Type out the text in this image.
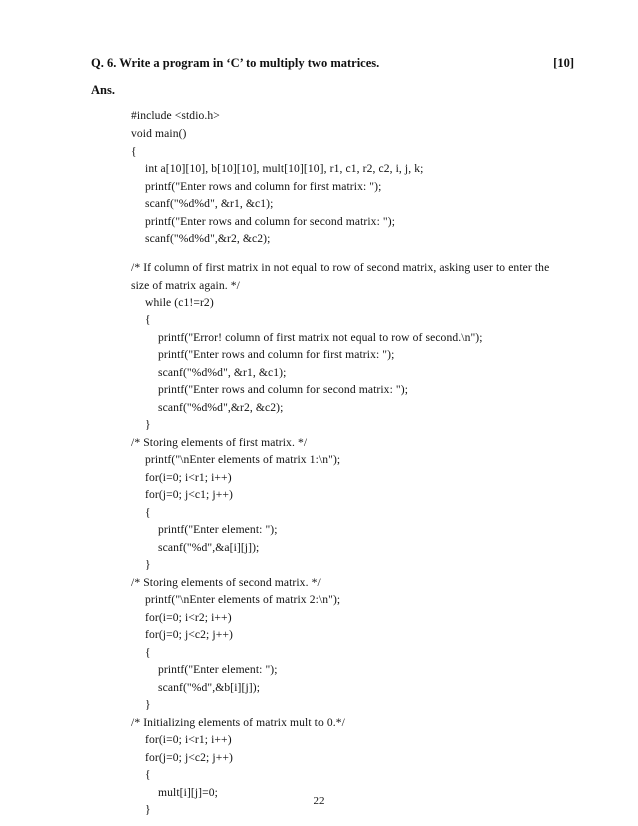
Q. 6. Write a program in ‘C’ to multiply two matrices.	[10]
Ans.
#include <stdio.h>
void main()
{
int a[10][10], b[10][10], mult[10][10], r1, c1, r2, c2, i, j, k;
printf("Enter rows and column for first matrix: ");
scanf("%d%d", &r1, &c1);
printf("Enter rows and column for second matrix: ");
scanf("%d%d",&r2, &c2);
/* If column of first matrix in not equal to row of second matrix, asking user to enter the
size of matrix again. */
while (c1!=r2)
{
printf("Error! column of first matrix not equal to row of second.\n");
printf("Enter rows and column for first matrix: ");
scanf("%d%d", &r1, &c1);
printf("Enter rows and column for second matrix: ");
scanf("%d%d",&r2, &c2);
}
/* Storing elements of first matrix. */
printf("\nEnter elements of matrix 1:\n");
for(i=0; i<r1; i++)
for(j=0; j<c1; j++)
{
printf("Enter element: ");
scanf("%d",&a[i][j]);
}
/* Storing elements of second matrix. */
printf("\nEnter elements of matrix 2:\n");
for(i=0; i<r2; i++)
for(j=0; j<c2; j++)
{
printf("Enter element: ");
scanf("%d",&b[i][j]);
}
/* Initializing elements of matrix mult to 0.*/
for(i=0; i<r1; i++)
for(j=0; j<c2; j++)
{
mult[i][j]=0;
}
22
